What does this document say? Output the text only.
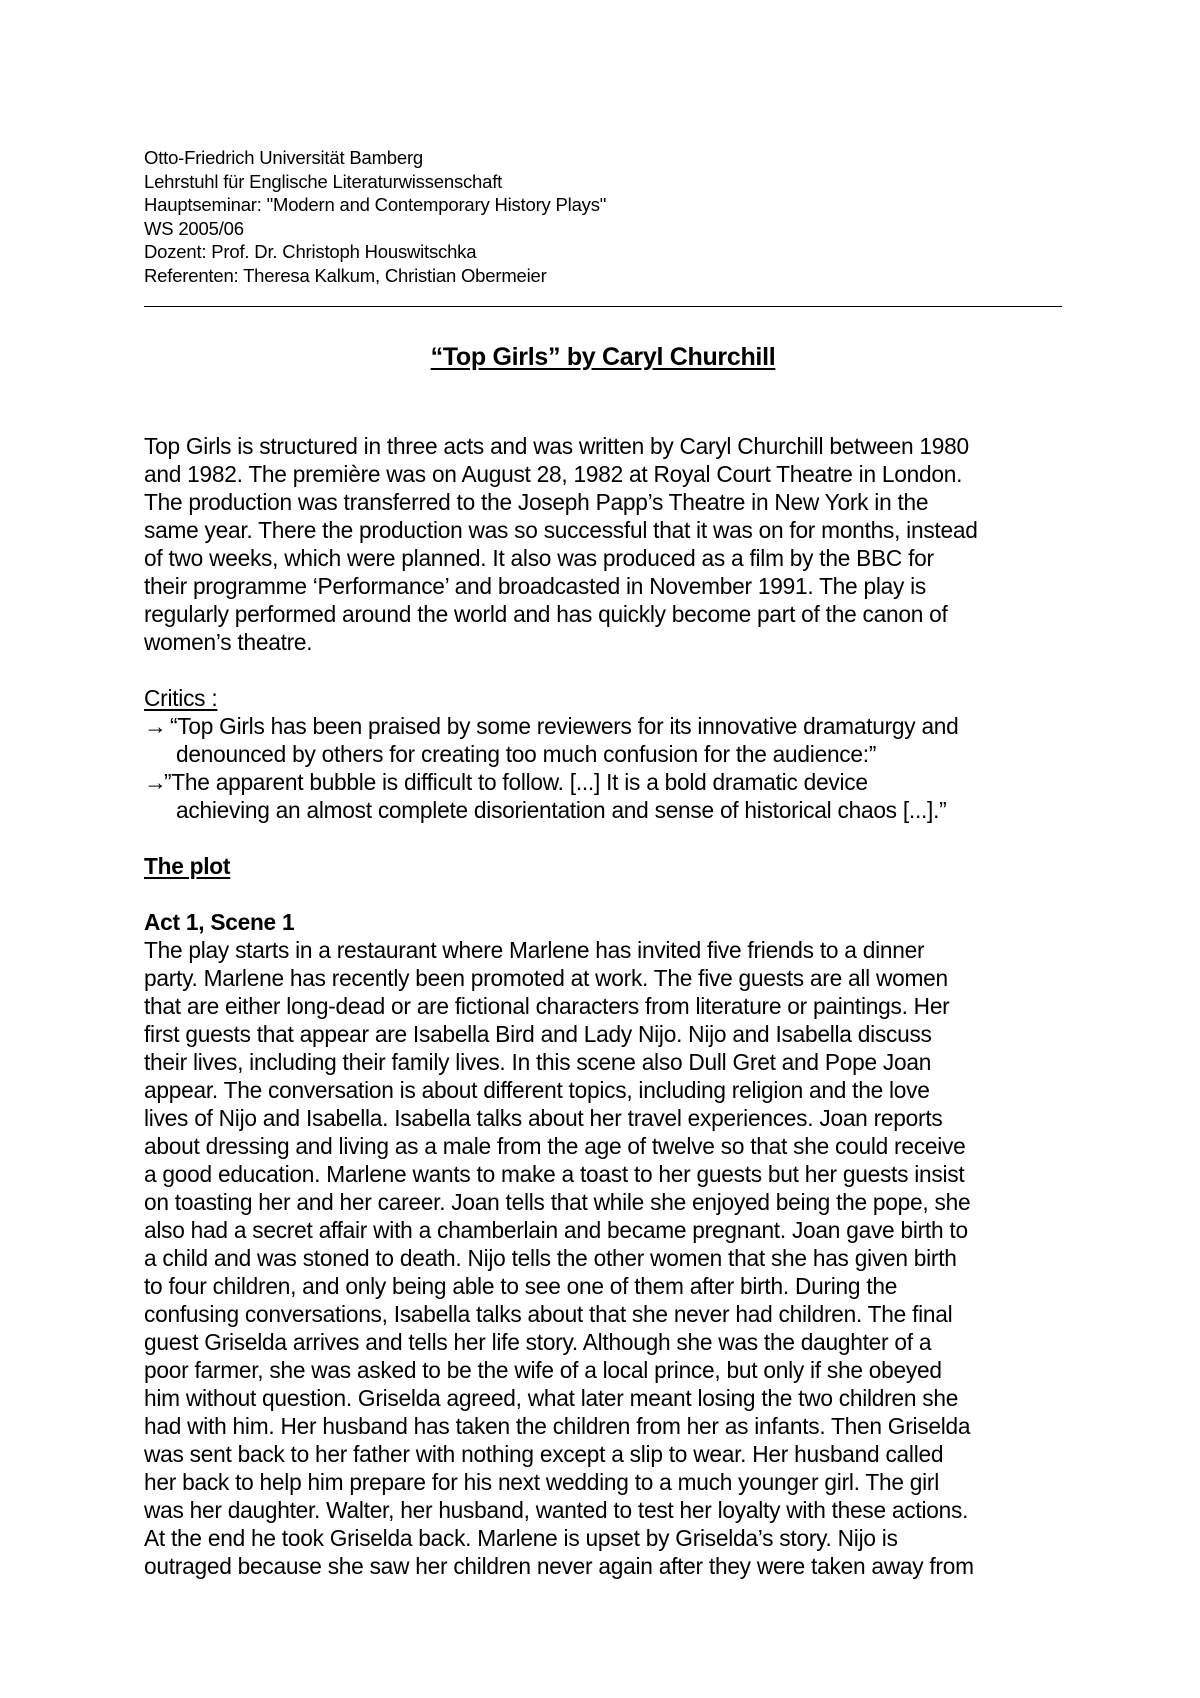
Otto-Friedrich Universität Bamberg
Lehrstuhl für Englische Literaturwissenschaft
Hauptseminar: "Modern and Contemporary History Plays"
WS 2005/06
Dozent: Prof. Dr. Christoph Houswitschka
Referenten: Theresa Kalkum, Christian Obermeier
“Top Girls” by Caryl Churchill
Top Girls is structured in three acts and was written by Caryl Churchill between 1980
and 1982. The première was on August 28, 1982 at Royal Court Theatre in London.
The production was transferred to the Joseph Papp’s Theatre in New York in the
same year. There the production was so successful that it was on for months, instead
of two weeks, which were planned. It also was produced as a film by the BBC for
their programme ‘Performance’ and broadcasted in November 1991. The play is
regularly performed around the world and has quickly become part of the canon of
women’s theatre.
Critics :
→ “Top Girls has been praised by some reviewers for its innovative dramaturgy and
denounced by others for creating too much confusion for the audience:”
→”The apparent bubble is difficult to follow. [...] It is a bold dramatic device
achieving an almost complete disorientation and sense of historical chaos [...].”
The plot
Act 1, Scene 1
The play starts in a restaurant where Marlene has invited five friends to a dinner
party. Marlene has recently been promoted at work. The five guests are all women
that are either long-dead or are fictional characters from literature or paintings. Her
first guests that appear are Isabella Bird and Lady Nijo. Nijo and Isabella discuss
their lives, including their family lives. In this scene also Dull Gret and Pope Joan
appear. The conversation is about different topics, including religion and the love
lives of Nijo and Isabella. Isabella talks about her travel experiences. Joan reports
about dressing and living as a male from the age of twelve so that she could receive
a good education. Marlene wants to make a toast to her guests but her guests insist
on toasting her and her career. Joan tells that while she enjoyed being the pope, she
also had a secret affair with a chamberlain and became pregnant. Joan gave birth to
a child and was stoned to death. Nijo tells the other women that she has given birth
to four children, and only being able to see one of them after birth. During the
confusing conversations, Isabella talks about that she never had children. The final
guest Griselda arrives and tells her life story. Although she was the daughter of a
poor farmer, she was asked to be the wife of a local prince, but only if she obeyed
him without question. Griselda agreed, what later meant losing the two children she
had with him. Her husband has taken the children from her as infants. Then Griselda
was sent back to her father with nothing except a slip to wear. Her husband called
her back to help him prepare for his next wedding to a much younger girl. The girl
was her daughter. Walter, her husband, wanted to test her loyalty with these actions.
At the end he took Griselda back. Marlene is upset by Griselda’s story. Nijo is
outraged because she saw her children never again after they were taken away from
